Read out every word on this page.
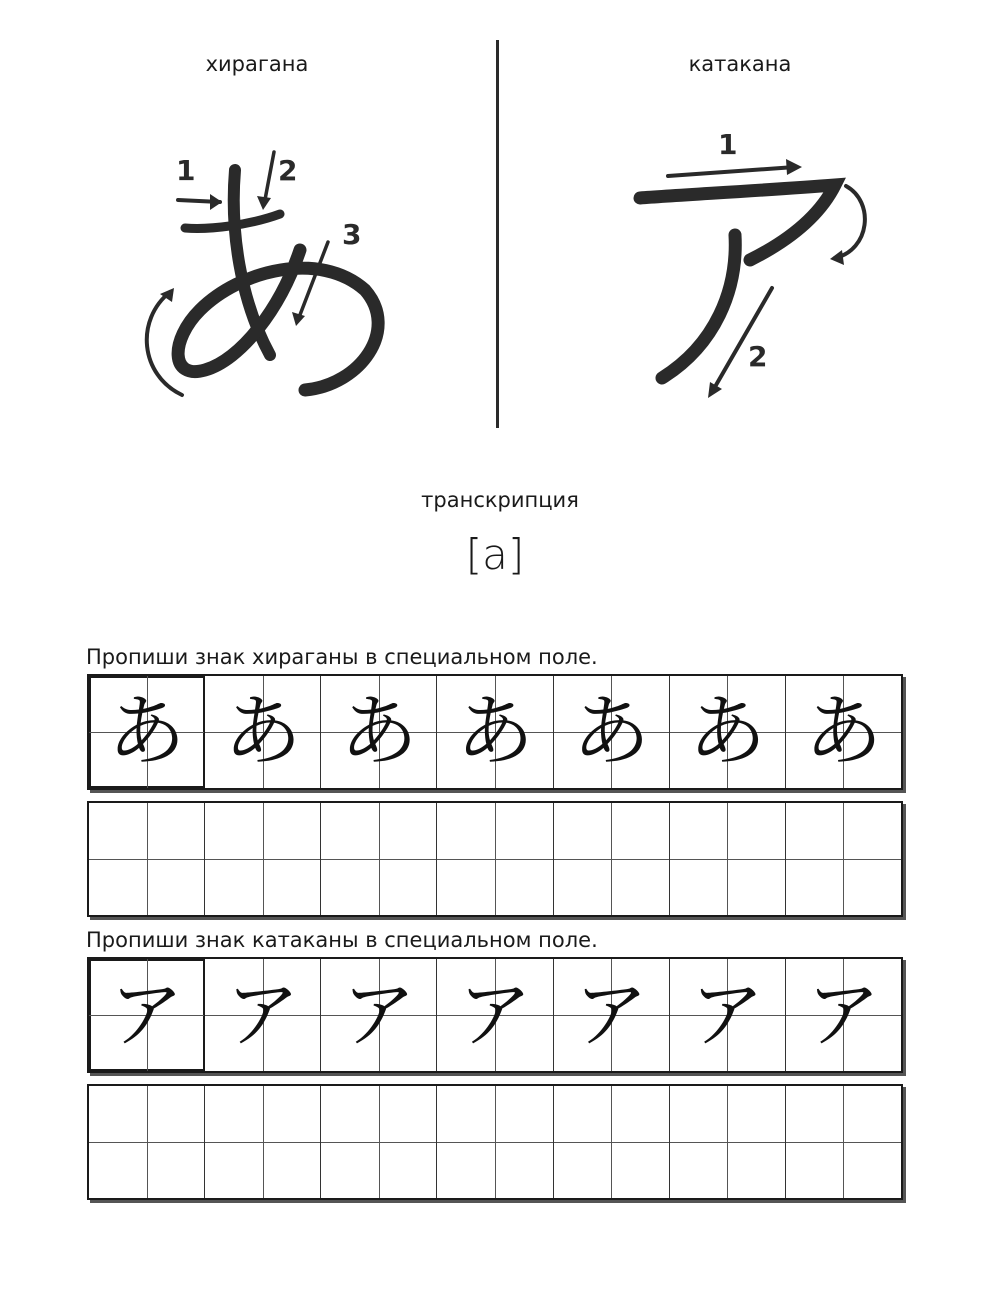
хирагана	катакана
1	2
3
1
2
транскрипция
[a]
Пропиши знак хираганы в специальном поле.
あ あ あ あ あ あ あ
Пропиши знак катаканы в специальном поле.
ア ア ア ア ア ア ア
